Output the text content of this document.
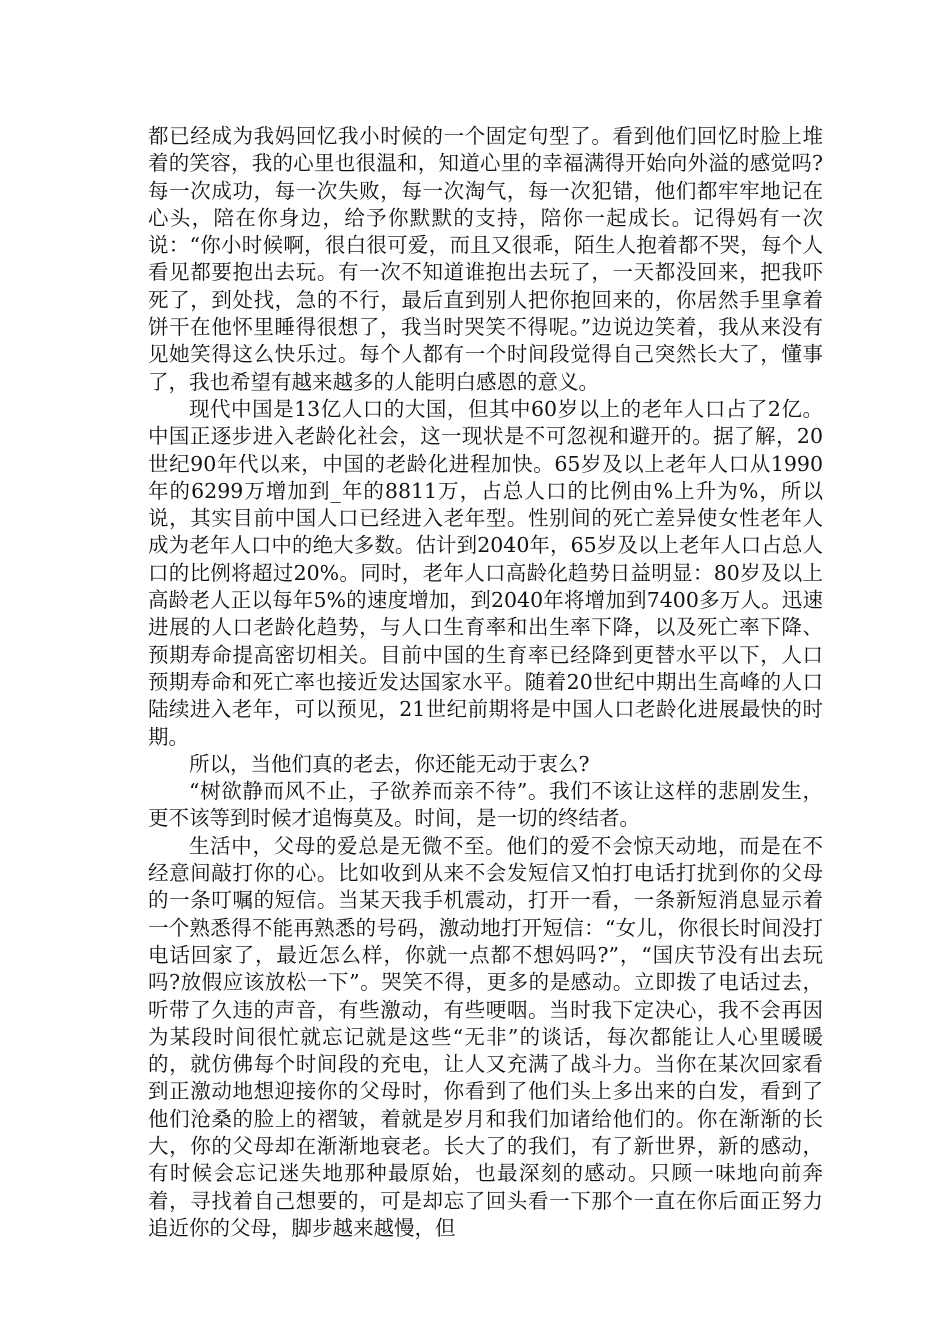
都已经成为我妈回忆我小时候的一个固定句型了。看到他们回忆时脸上堆着的笑容，我的心里也很温和，知道心里的幸福满得开始向外溢的感觉吗?每一次成功，每一次失败，每一次淘气，每一次犯错，他们都牢牢地记在心头，陪在你身边，给予你默默的支持，陪你一起成长。记得妈有一次说：“你小时候啊，很白很可爱，而且又很乖，陌生人抱着都不哭，每个人看见都要抱出去玩。有一次不知道谁抱出去玩了，一天都没回来，把我吓死了，到处找，急的不行，最后直到别人把你抱回来的，你居然手里拿着饼干在他怀里睡得很想了，我当时哭笑不得呢。”边说边笑着，我从来没有见她笑得这么快乐过。每个人都有一个时间段觉得自己突然长大了，懂事了，我也希望有越来越多的人能明白感恩的意义。

现代中国是13亿人口的大国，但其中60岁以上的老年人口占了2亿。中国正逐步进入老龄化社会，这一现状是不可忽视和避开的。据了解，20世纪90年代以来，中国的老龄化进程加快。65岁及以上老年人口从1990年的6299万增加到_年的8811万，占总人口的比例由%上升为%，所以说，其实目前中国人口已经进入老年型。性别间的死亡差异使女性老年人成为老年人口中的绝大多数。估计到2040年，65岁及以上老年人口占总人口的比例将超过20%。同时，老年人口高龄化趋势日益明显：80岁及以上高龄老人正以每年5%的速度增加，到2040年将增加到7400多万人。迅速进展的人口老龄化趋势，与人口生育率和出生率下降，以及死亡率下降、预期寿命提高密切相关。目前中国的生育率已经降到更替水平以下，人口预期寿命和死亡率也接近发达国家水平。随着20世纪中期出生高峰的人口陆续进入老年，可以预见，21世纪前期将是中国人口老龄化进展最快的时期。

所以，当他们真的老去，你还能无动于衷么?

“树欲静而风不止，子欲养而亲不待”。我们不该让这样的悲剧发生，更不该等到时候才追悔莫及。时间，是一切的终结者。

生活中，父母的爱总是无微不至。他们的爱不会惊天动地，而是在不经意间敲打你的心。比如收到从来不会发短信又怕打电话打扰到你的父母的一条叮嘱的短信。当某天我手机震动，打开一看，一条新短消息显示着一个熟悉得不能再熟悉的号码，激动地打开短信：“女儿，你很长时间没打电话回家了，最近怎么样，你就一点都不想妈吗?”，“国庆节没有出去玩吗?放假应该放松一下”。哭笑不得，更多的是感动。立即拨了电话过去，听带了久违的声音，有些激动，有些哽咽。当时我下定决心，我不会再因为某段时间很忙就忘记就是这些“无非”的谈话，每次都能让人心里暖暖的，就仿佛每个时间段的充电，让人又充满了战斗力。当你在某次回家看到正激动地想迎接你的父母时，你看到了他们头上多出来的白发，看到了他们沧桑的脸上的褶皱，着就是岁月和我们加诸给他们的。你在渐渐的长大，你的父母却在渐渐地衰老。长大了的我们，有了新世界，新的感动，有时候会忘记迷失地那种最原始，也最深刻的感动。只顾一味地向前奔着，寻找着自己想要的，可是却忘了回头看一下那个一直在你后面正努力追近你的父母，脚步越来越慢，但
